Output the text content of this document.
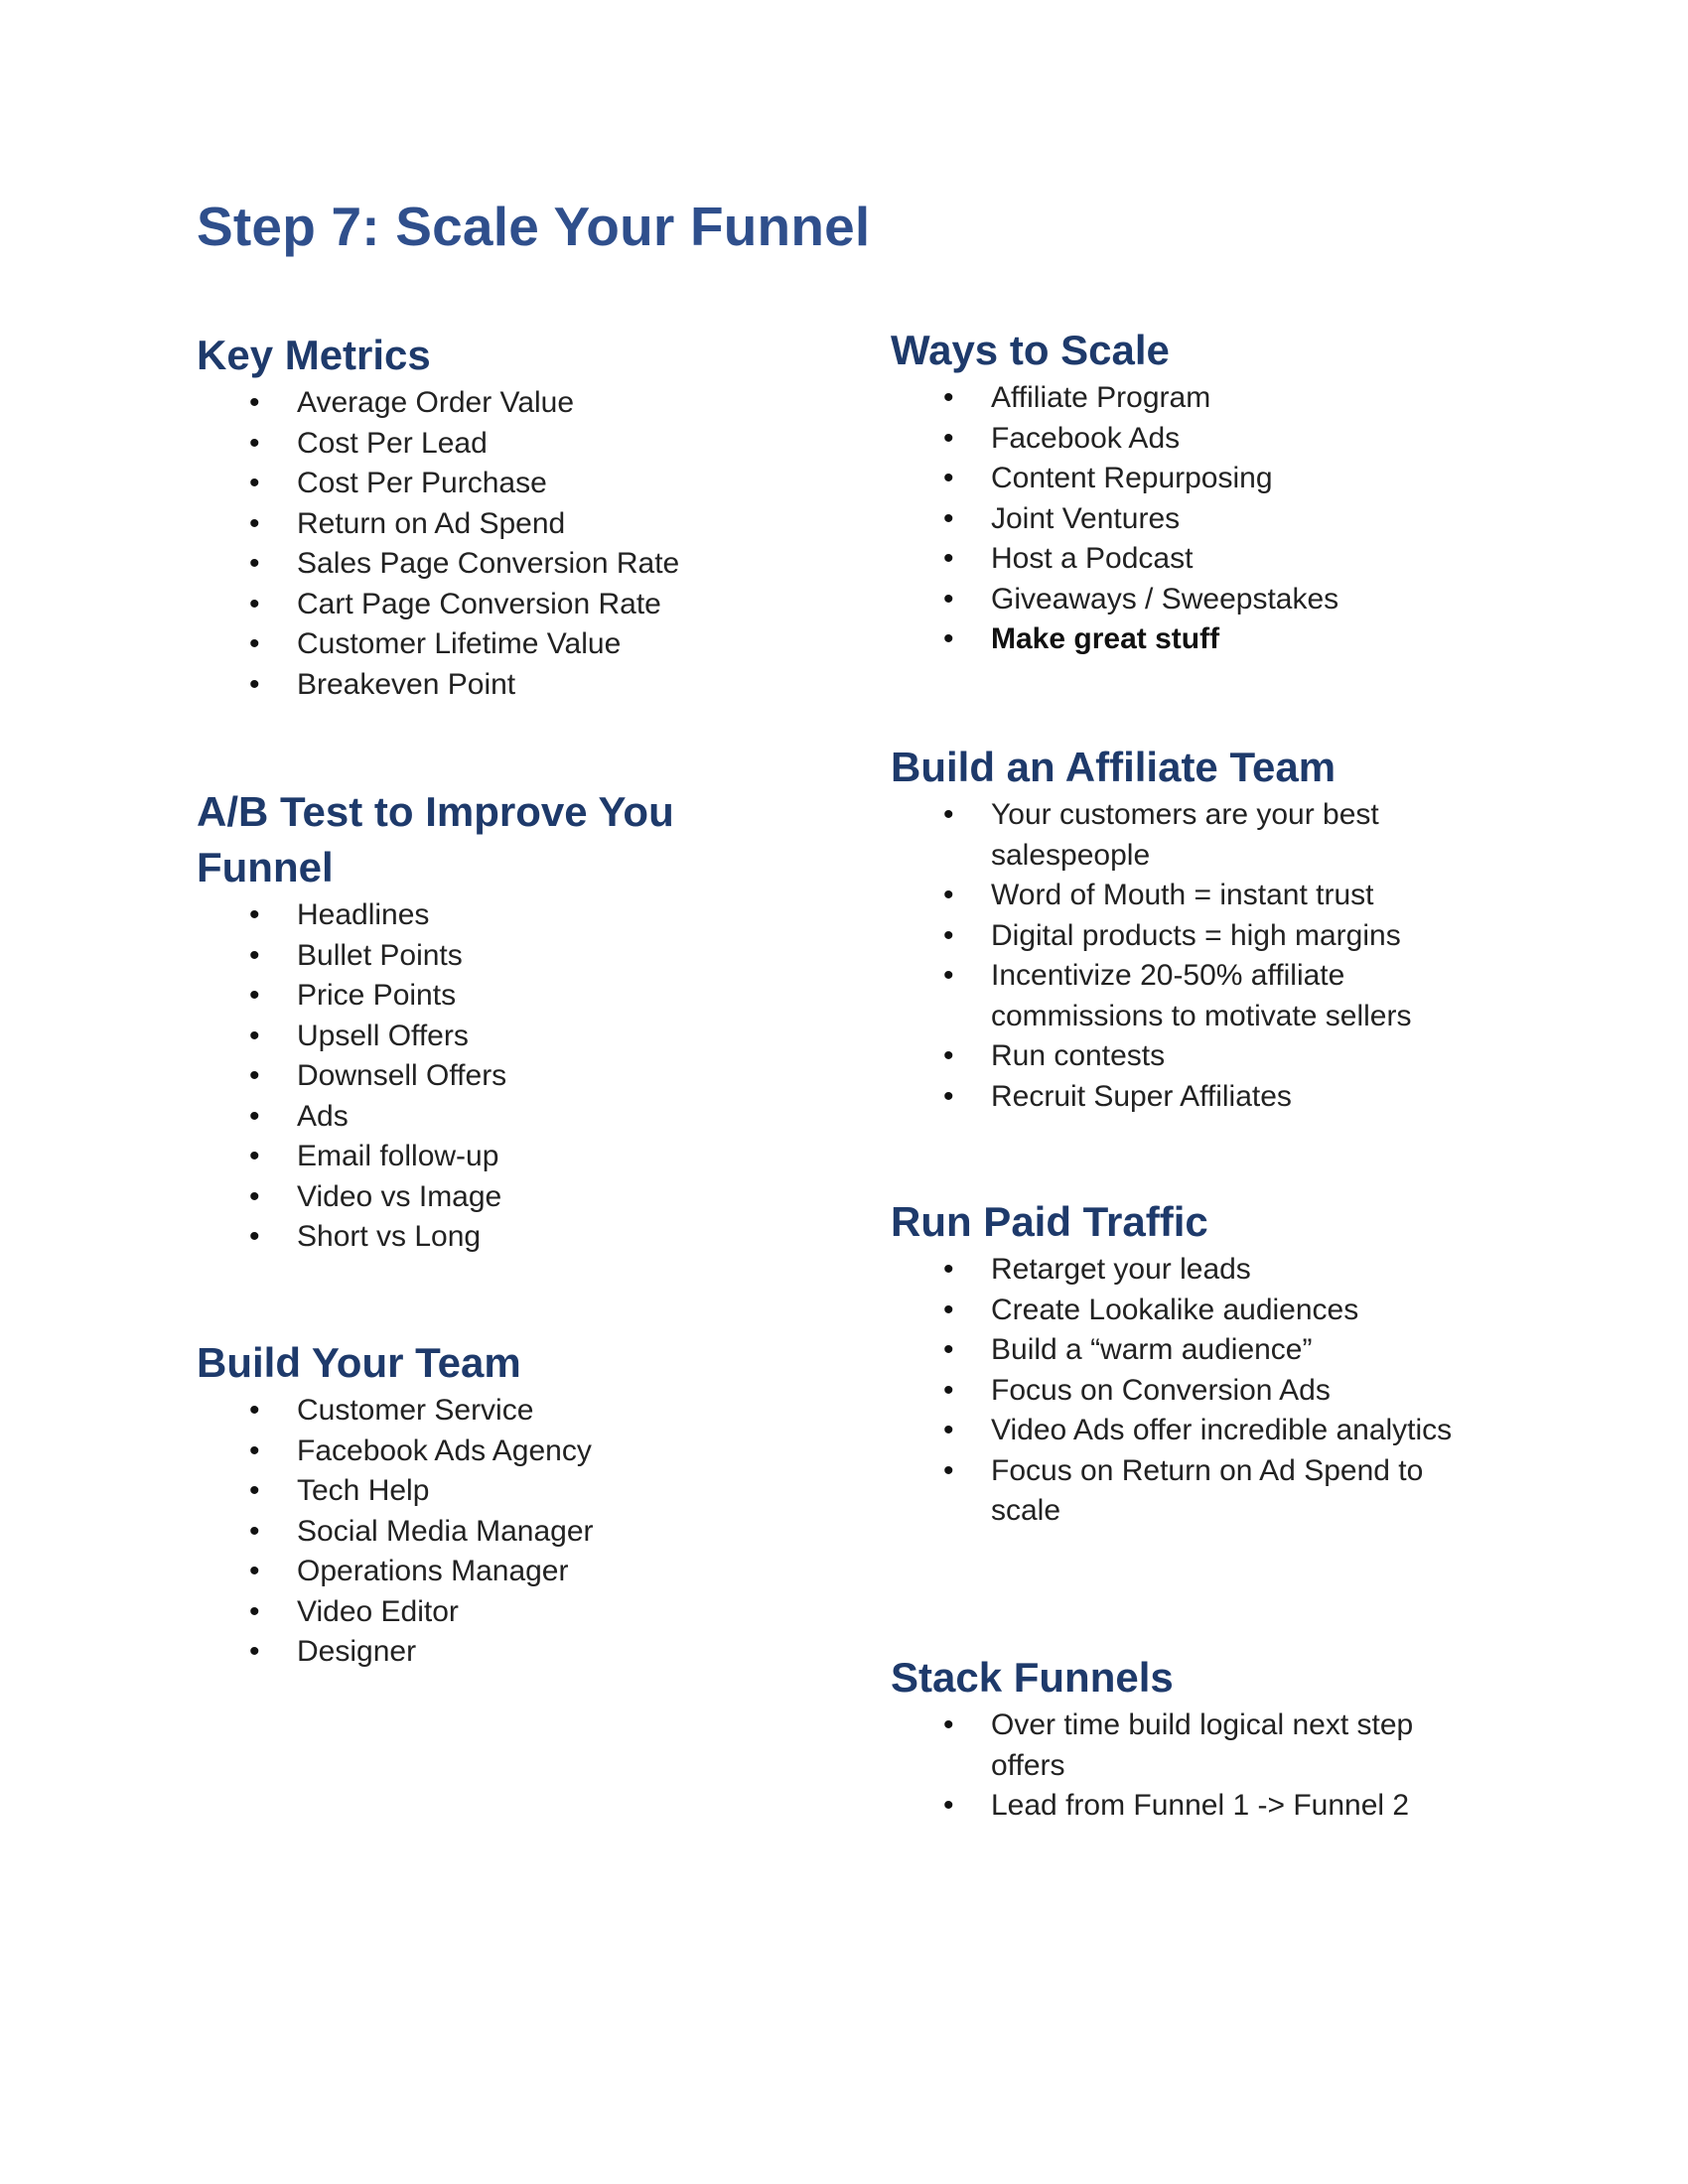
Step 7: Scale Your Funnel
Key Metrics
• Average Order Value
• Cost Per Lead
• Cost Per Purchase
• Return on Ad Spend
• Sales Page Conversion Rate
• Cart Page Conversion Rate
• Customer Lifetime Value
• Breakeven Point
A/B Test to Improve You
Funnel
• Headlines
• Bullet Points
• Price Points
• Upsell Offers
• Downsell Offers
• Ads
• Email follow-up
• Video vs Image
• Short vs Long
Build Your Team
• Customer Service
• Facebook Ads Agency
• Tech Help
• Social Media Manager
• Operations Manager
• Video Editor
• Designer
Ways to Scale
• Affiliate Program
• Facebook Ads
• Content Repurposing
• Joint Ventures
• Host a Podcast
• Giveaways / Sweepstakes
• Make great stuff
Build an Affiliate Team
• Your customers are your best salespeople
• Word of Mouth = instant trust
• Digital products = high margins
• Incentivize 20-50% affiliate commissions to motivate sellers
• Run contests
• Recruit Super Affiliates
Run Paid Traffic
• Retarget your leads
• Create Lookalike audiences
• Build a “warm audience”
• Focus on Conversion Ads
• Video Ads offer incredible analytics
• Focus on Return on Ad Spend to scale
Stack Funnels
• Over time build logical next step offers
• Lead from Funnel 1 -> Funnel 2
